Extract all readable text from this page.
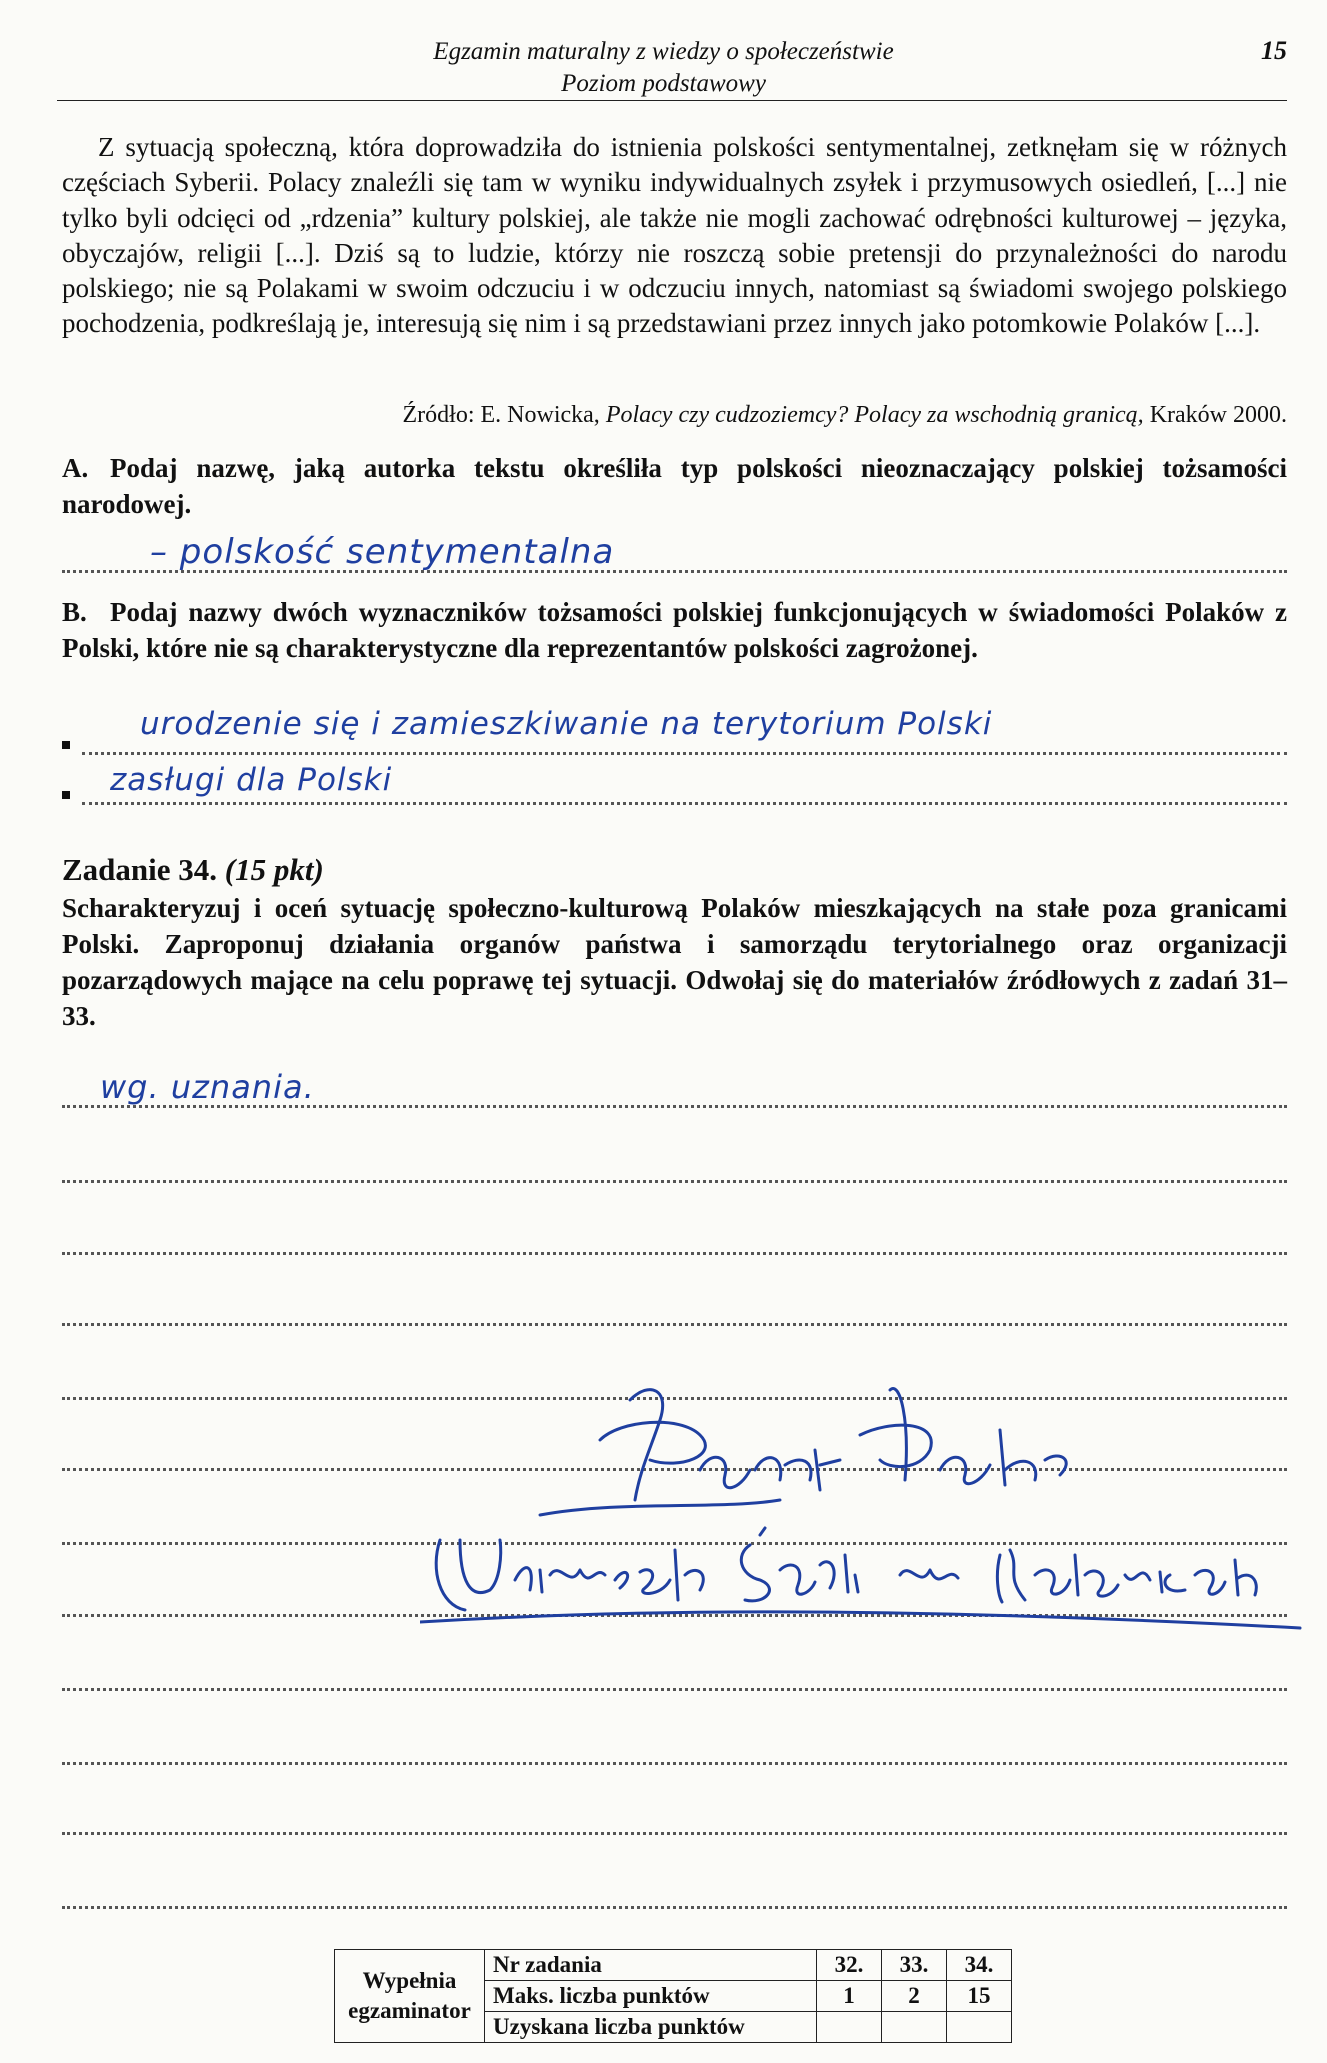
Egzamin maturalny z wiedzy o społeczeństwie
Poziom podstawowy
15

Z sytuacją społeczną, która doprowadziła do istnienia polskości sentymentalnej, zetknęłam się w różnych częściach Syberii. Polacy znaleźli się tam w wyniku indywidualnych zsyłek i przymusowych osiedleń, [...] nie tylko byli odcięci od „rdzenia” kultury polskiej, ale także nie mogli zachować odrębności kulturowej – języka, obyczajów, religii [...]. Dziś są to ludzie, którzy nie roszczą sobie pretensji do przynależności do narodu polskiego; nie są Polakami w swoim odczuciu i w odczuciu innych, natomiast są świadomi swojego polskiego pochodzenia, podkreślają je, interesują się nim i są przedstawiani przez innych jako potomkowie Polaków [...].

Źródło: E. Nowicka, Polacy czy cudzoziemcy? Polacy za wschodnią granicą, Kraków 2000.
A. Podaj nazwę, jaką autorka tekstu określiła typ polskości nieoznaczający polskiej tożsamości narodowej.
– polskość sentymentalna
B. Podaj nazwy dwóch wyznaczników tożsamości polskiej funkcjonujących w świadomości Polaków z Polski, które nie są charakterystyczne dla reprezentantów polskości zagrożonej.
urodzenie się i zamieszkiwanie na terytorium Polski
zasługi dla Polski
Zadanie 34. (15 pkt)
Scharakteryzuj i oceń sytuację społeczno-kulturową Polaków mieszkających na stałe poza granicami Polski. Zaproponuj działania organów państwa i samorządu terytorialnego oraz organizacji pozarządowych mające na celu poprawę tej sytuacji. Odwołaj się do materiałów źródłowych z zadań 31–33.
wg. uznania.
Wypełnia egzaminator	Nr zadania	32.	33.	34.
	Maks. liczba punktów	1	2	15
	Uzyskana liczba punktów			
